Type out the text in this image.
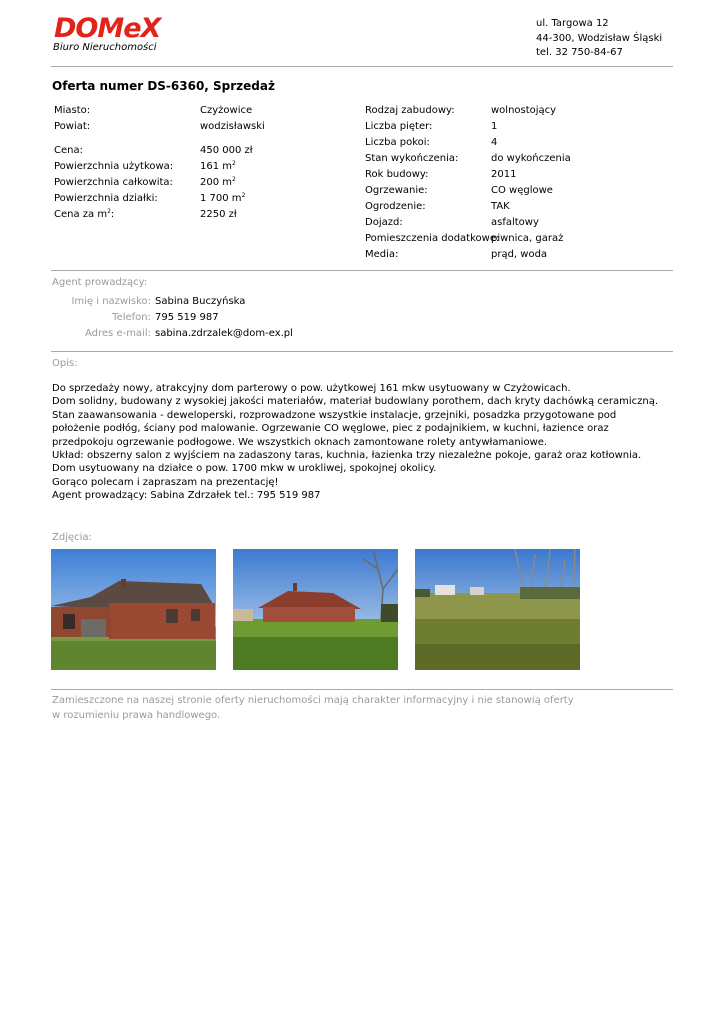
DOMeX
Biuro Nieruchomości
ul. Targowa 12
44-300, Wodzisław Śląski
tel. 32 750-84-67
Oferta numer DS-6360, Sprzedaż
Miasto:
Powiat:
Cena:
Powierzchnia użytkowa:
Powierzchnia całkowita:
Powierzchnia działki:
Cena za $m^2$:
Czyżowice
wodzisławski
450 000 zł
161 $m^2$
200 $m^2$
1 700 $m^2$
2250 zł
Rodzaj zabudowy:
Liczba pięter:
Liczba pokoi:
Stan wykończenia:
Rok budowy:
Ogrzewanie:
Ogrodzenie:
Dojazd:
Pomieszczenia dodatkowe:
Media:
wolnostojący
1
4
do wykończenia
2011
CO węglowe
TAK
asfaltowy
piwnica, garaż
prąd, woda
Agent prowadzący:
Imię i nazwisko: Sabina Buczyńska
Telefon: 795 519 987
Adres e-mail: sabina.zdrzalek@dom-ex.pl
Opis:

Do sprzedaży nowy, atrakcyjny dom parterowy o pow. użytkowej 161 mkw usytuowany w Czyżowicach.

Dom solidny, budowany z wysokiej jakości materiałów, materiał budowlany porothem, dach kryty dachówką ceramiczną. Stan zaawansowania - deweloperski, rozprowadzone wszystkie instalacje, grzejniki, posadzka przygotowane pod położenie podłóg, ściany pod malowanie. Ogrzewanie CO węglowe, piec z podajnikiem, w kuchni, łazience oraz przedpokoju ogrzewanie podłogowe. We wszystkich oknach zamontowane rolety antywłamaniowe.

Układ: obszerny salon z wyjściem na zadaszony taras, kuchnia, łazienka trzy niezależne pokoje, garaż oraz kotłownia.

Dom usytuowany na działce o pow. 1700 mkw w urokliwej, spokojnej okolicy.

Gorąco polecam i zapraszam na prezentację!

Agent prowadzący: Sabina Zdrzałek tel.: 795 519 987

Zdjęcia:
Zamieszczone na naszej stronie oferty nieruchomości mają charakter informacyjny i nie stanowią oferty
w rozumieniu prawa handlowego.
